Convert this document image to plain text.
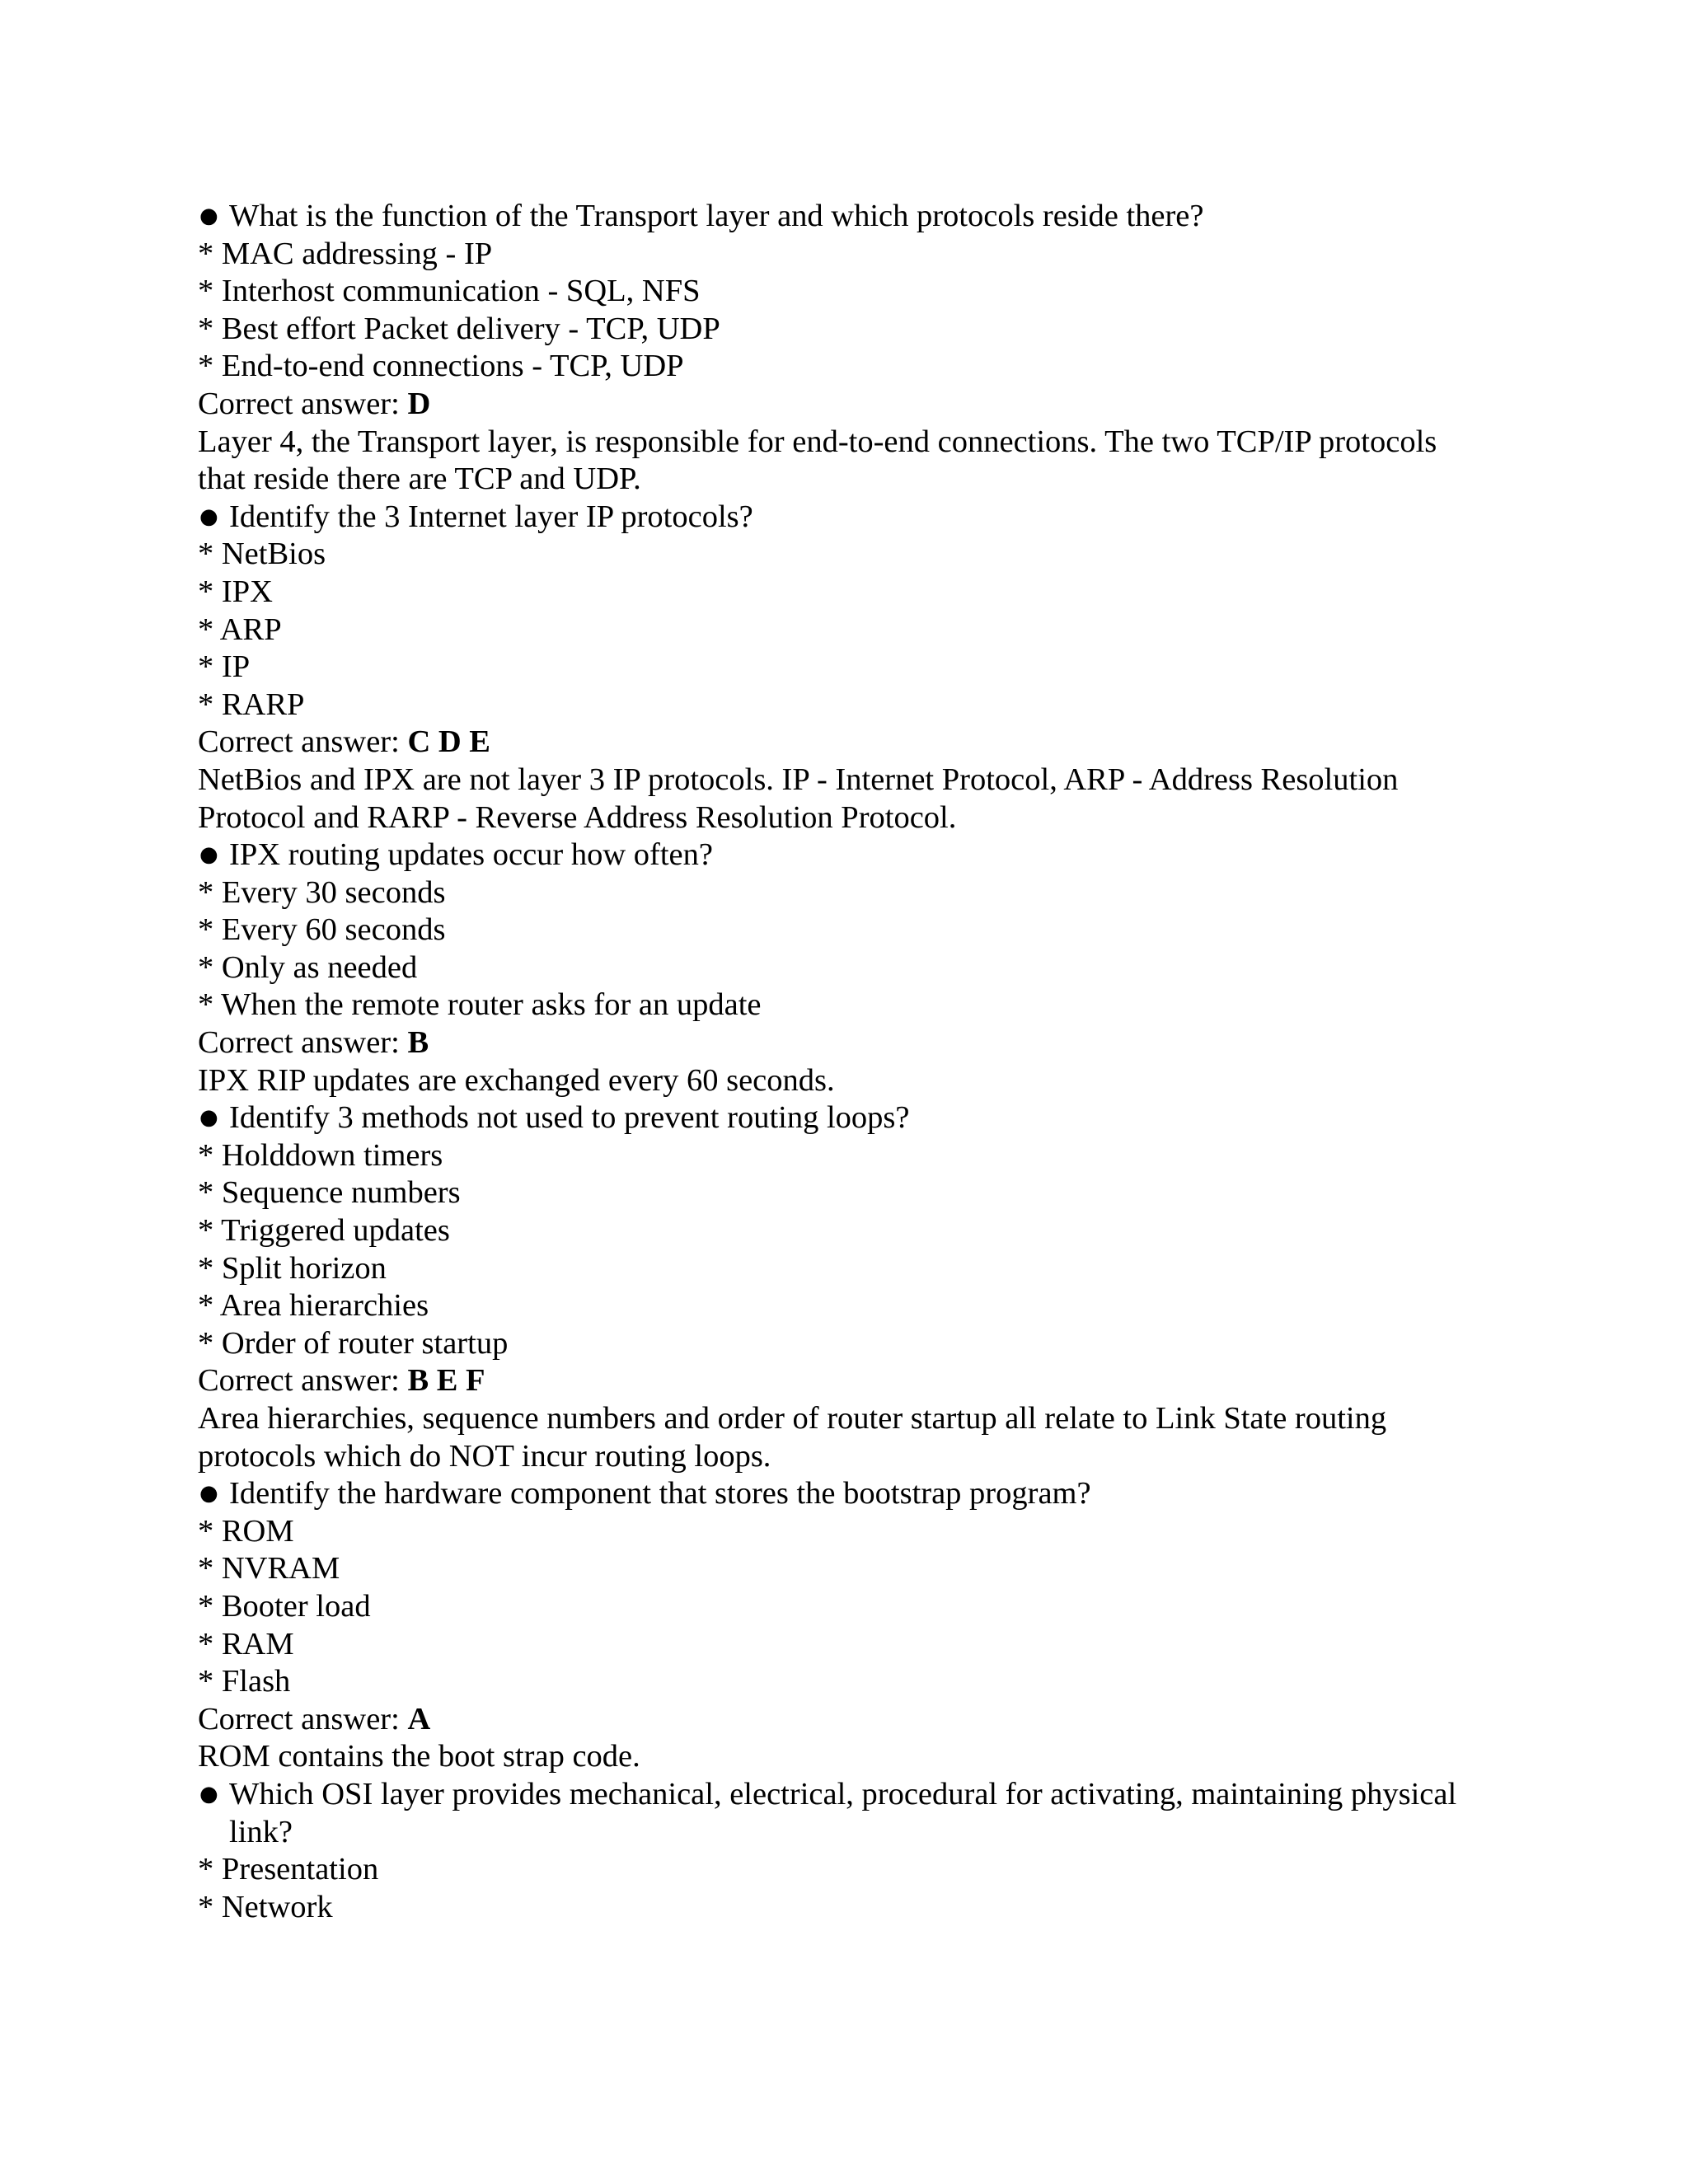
● What is the function of the Transport layer and which protocols reside there?
* MAC addressing - IP
* Interhost communication - SQL, NFS
* Best effort Packet delivery - TCP, UDP
* End-to-end connections - TCP, UDP
Correct answer: D
Layer 4, the Transport layer, is responsible for end-to-end connections. The two TCP/IP protocols that reside there are TCP and UDP.
● Identify the 3 Internet layer IP protocols?
* NetBios
* IPX
* ARP
* IP
* RARP
Correct answer: C D E
NetBios and IPX are not layer 3 IP protocols. IP - Internet Protocol, ARP - Address Resolution Protocol and RARP - Reverse Address Resolution Protocol.
● IPX routing updates occur how often?
* Every 30 seconds
* Every 60 seconds
* Only as needed
* When the remote router asks for an update
Correct answer: B
IPX RIP updates are exchanged every 60 seconds.
● Identify 3 methods not used to prevent routing loops?
* Holddown timers
* Sequence numbers
* Triggered updates
* Split horizon
* Area hierarchies
* Order of router startup
Correct answer: B E F
Area hierarchies, sequence numbers and order of router startup all relate to Link State routing protocols which do NOT incur routing loops.
● Identify the hardware component that stores the bootstrap program?
* ROM
* NVRAM
* Booter load
* RAM
* Flash
Correct answer: A
ROM contains the boot strap code.
● Which OSI layer provides mechanical, electrical, procedural for activating, maintaining physical link?
* Presentation
* Network
